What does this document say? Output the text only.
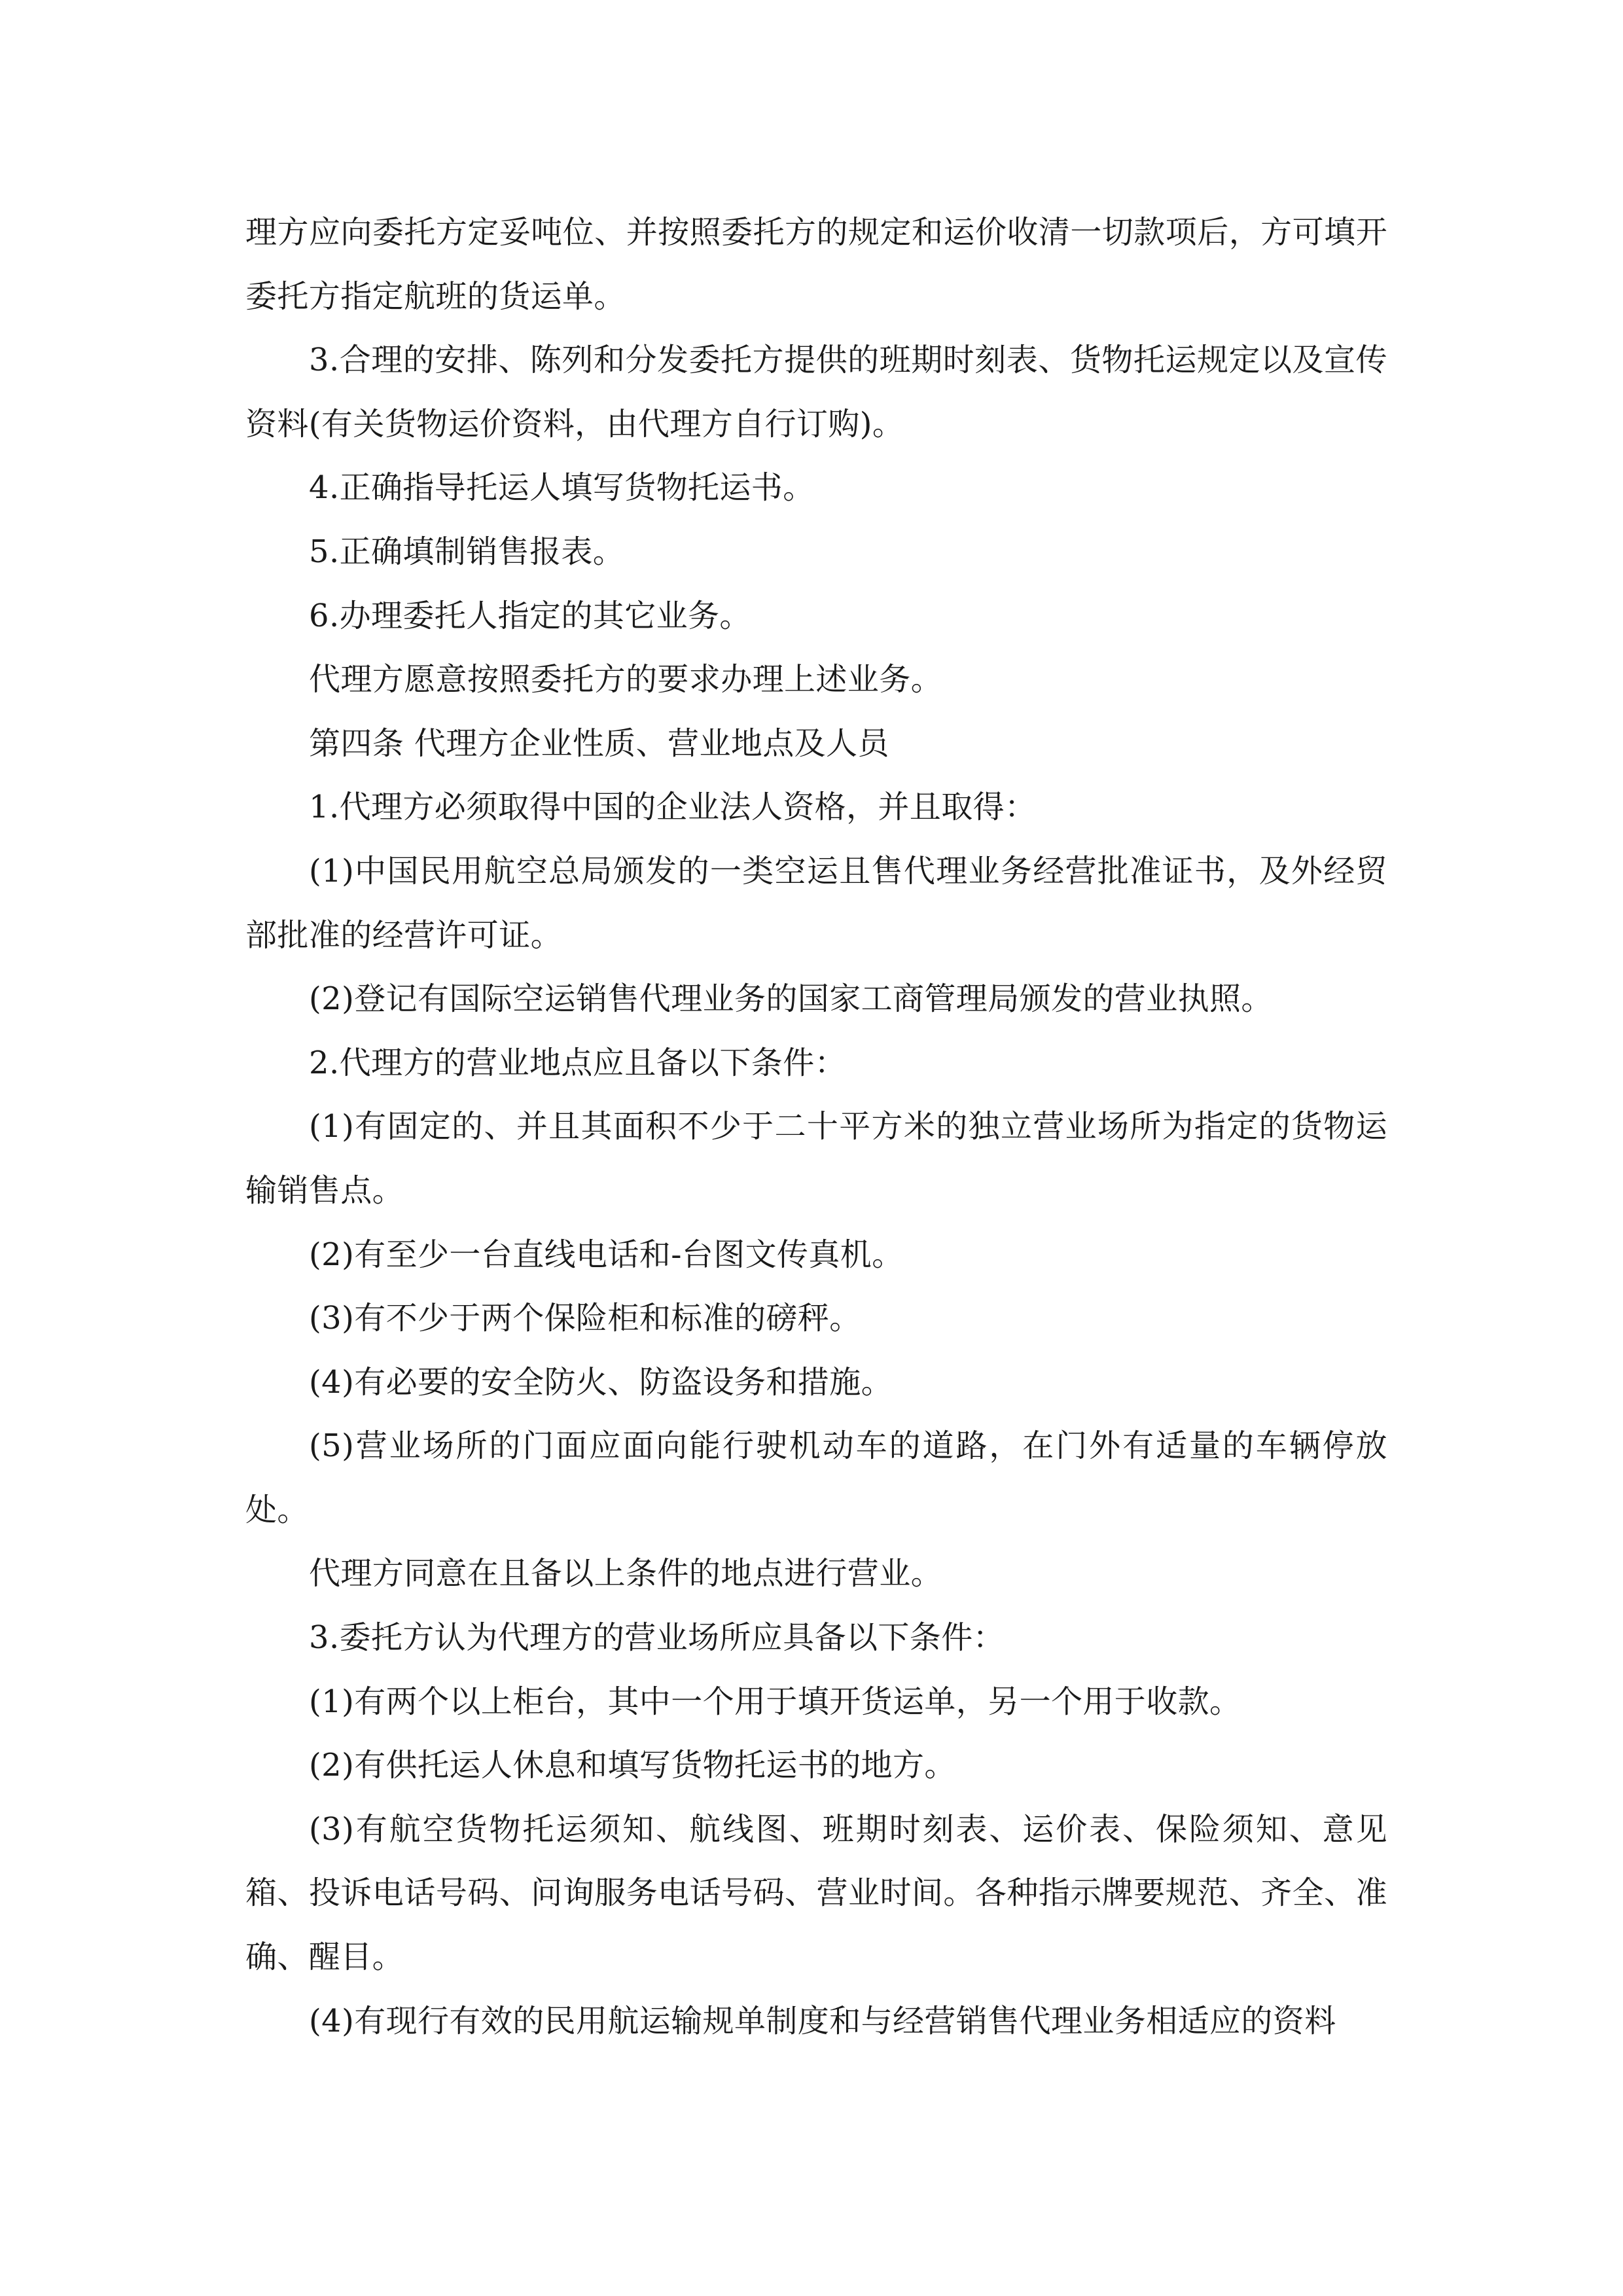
理方应向委托方定妥吨位、并按照委托方的规定和运价收清一切款项后，方可填开委托方指定航班的货运单。

3.合理的安排、陈列和分发委托方提供的班期时刻表、货物托运规定以及宣传资料(有关货物运价资料，由代理方自行订购)。

4.正确指导托运人填写货物托运书。

5.正确填制销售报表。

6.办理委托人指定的其它业务。

代理方愿意按照委托方的要求办理上述业务。

第四条 代理方企业性质、营业地点及人员

1.代理方必须取得中国的企业法人资格，并且取得：

(1)中国民用航空总局颁发的一类空运且售代理业务经营批准证书，及外经贸部批准的经营许可证。

(2)登记有国际空运销售代理业务的国家工商管理局颁发的营业执照。

2.代理方的营业地点应且备以下条件：

(1)有固定的、并且其面积不少于二十平方米的独立营业场所为指定的货物运输销售点。

(2)有至少一台直线电话和-台图文传真机。

(3)有不少于两个保险柜和标准的磅秤。

(4)有必要的安全防火、防盗设务和措施。

(5)营业场所的门面应面向能行驶机动车的道路，在门外有适量的车辆停放处。

代理方同意在且备以上条件的地点进行营业。

3.委托方认为代理方的营业场所应具备以下条件：

(1)有两个以上柜台，其中一个用于填开货运单，另一个用于收款。

(2)有供托运人休息和填写货物托运书的地方。

(3)有航空货物托运须知、航线图、班期时刻表、运价表、保险须知、意见箱、投诉电话号码、问询服务电话号码、营业时间。各种指示牌要规范、齐全、准确、醒目。

(4)有现行有效的民用航运输规单制度和与经营销售代理业务相适应的资料
